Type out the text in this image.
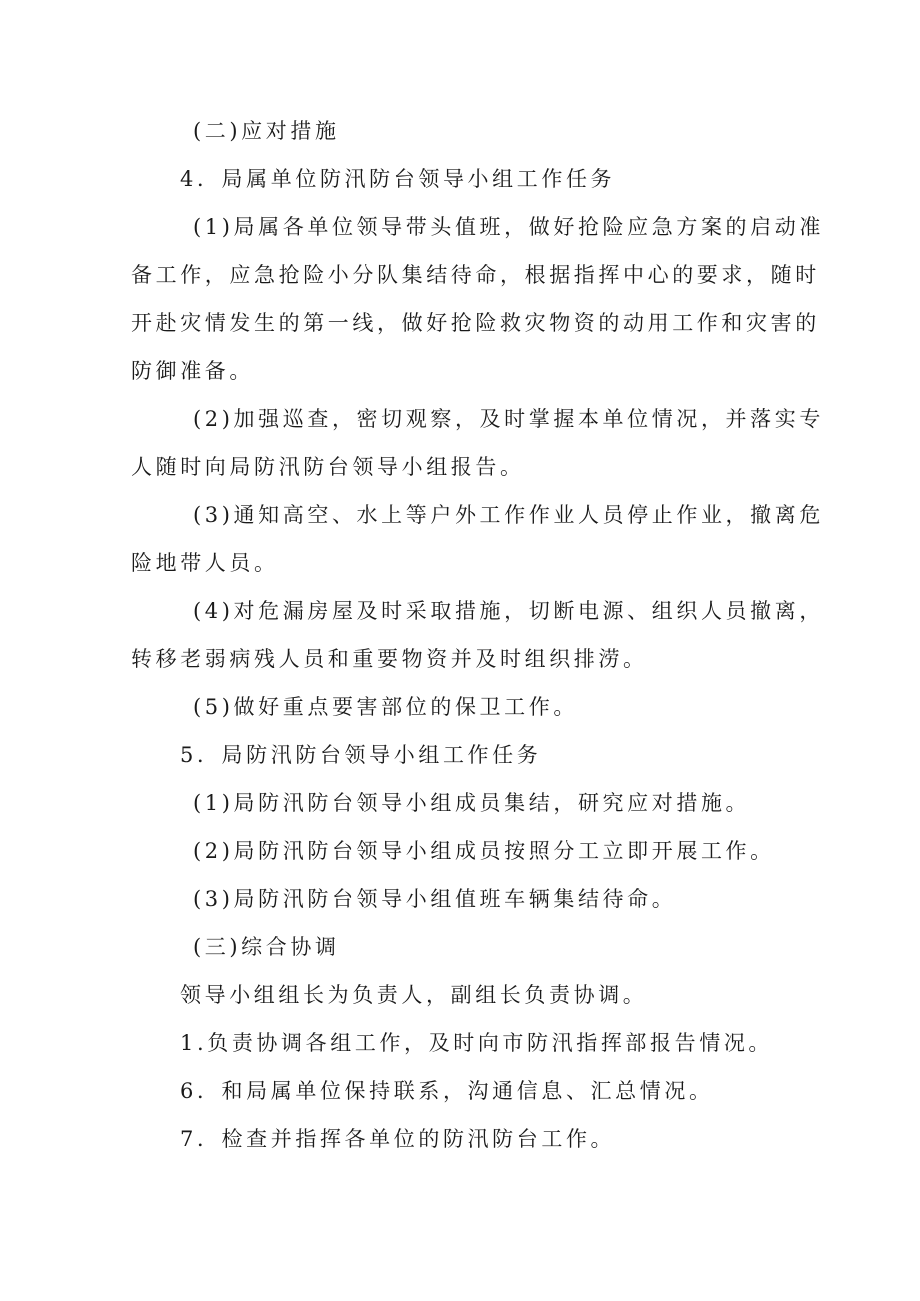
(二)应对措施
4．局属单位防汛防台领导小组工作任务
(1)局属各单位领导带头值班，做好抢险应急方案的启动准
备工作，应急抢险小分队集结待命，根据指挥中心的要求，随时
开赴灾情发生的第一线，做好抢险救灾物资的动用工作和灾害的
防御准备。
(2)加强巡查，密切观察，及时掌握本单位情况，并落实专
人随时向局防汛防台领导小组报告。
(3)通知高空、水上等户外工作作业人员停止作业，撤离危
险地带人员。
(4)对危漏房屋及时采取措施，切断电源、组织人员撤离，
转移老弱病残人员和重要物资并及时组织排涝。
(5)做好重点要害部位的保卫工作。
5．局防汛防台领导小组工作任务
(1)局防汛防台领导小组成员集结，研究应对措施。
(2)局防汛防台领导小组成员按照分工立即开展工作。
(3)局防汛防台领导小组值班车辆集结待命。
(三)综合协调
领导小组组长为负责人，副组长负责协调。
1.负责协调各组工作，及时向市防汛指挥部报告情况。
6．和局属单位保持联系，沟通信息、汇总情况。
7．检查并指挥各单位的防汛防台工作。
